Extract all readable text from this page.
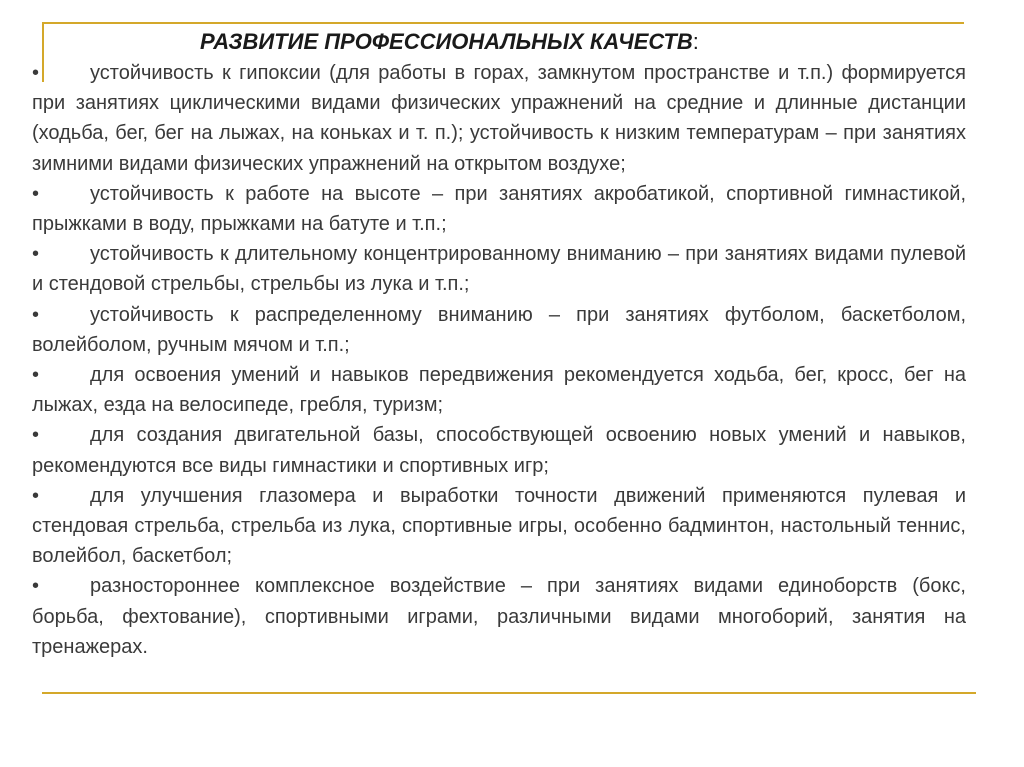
РАЗВИТИЕ ПРОФЕССИОНАЛЬНЫХ КАЧЕСТВ:

•	устойчивость к гипоксии (для работы в горах, замкнутом пространстве и т.п.) формируется при занятиях циклическими видами физических упражнений на средние и длинные дистанции (ходьба, бег, бег на лыжах, на коньках и т. п.); устойчивость к низким температурам – при занятиях зимними видами физических упражнений на открытом воздухе;

•	устойчивость к работе на высоте – при занятиях акробатикой, спортивной гимнастикой, прыжками в воду, прыжками на батуте и т.п.;

•	устойчивость к длительному концентрированному вниманию – при занятиях видами пулевой и стендовой стрельбы, стрельбы из лука и т.п.;

•	устойчивость к распределенному вниманию – при занятиях футболом, баскетболом, волейболом, ручным мячом и т.п.;

•	для освоения умений и навыков передвижения рекомендуется ходьба, бег, кросс, бег на лыжах, езда на велосипеде, гребля, туризм;

•	для создания двигательной базы, способствующей освоению новых умений и навыков, рекомендуются все виды гимнастики и спортивных игр;

•	для улучшения глазомера и выработки точности движений применяются пулевая и стендовая стрельба, стрельба из лука, спортивные игры, особенно бадминтон, настольный теннис, волейбол, баскетбол;

•	разностороннее комплексное воздействие – при занятиях видами единоборств (бокс, борьба, фехтование), спортивными играми, различными видами многоборий, занятия на тренажерах.
